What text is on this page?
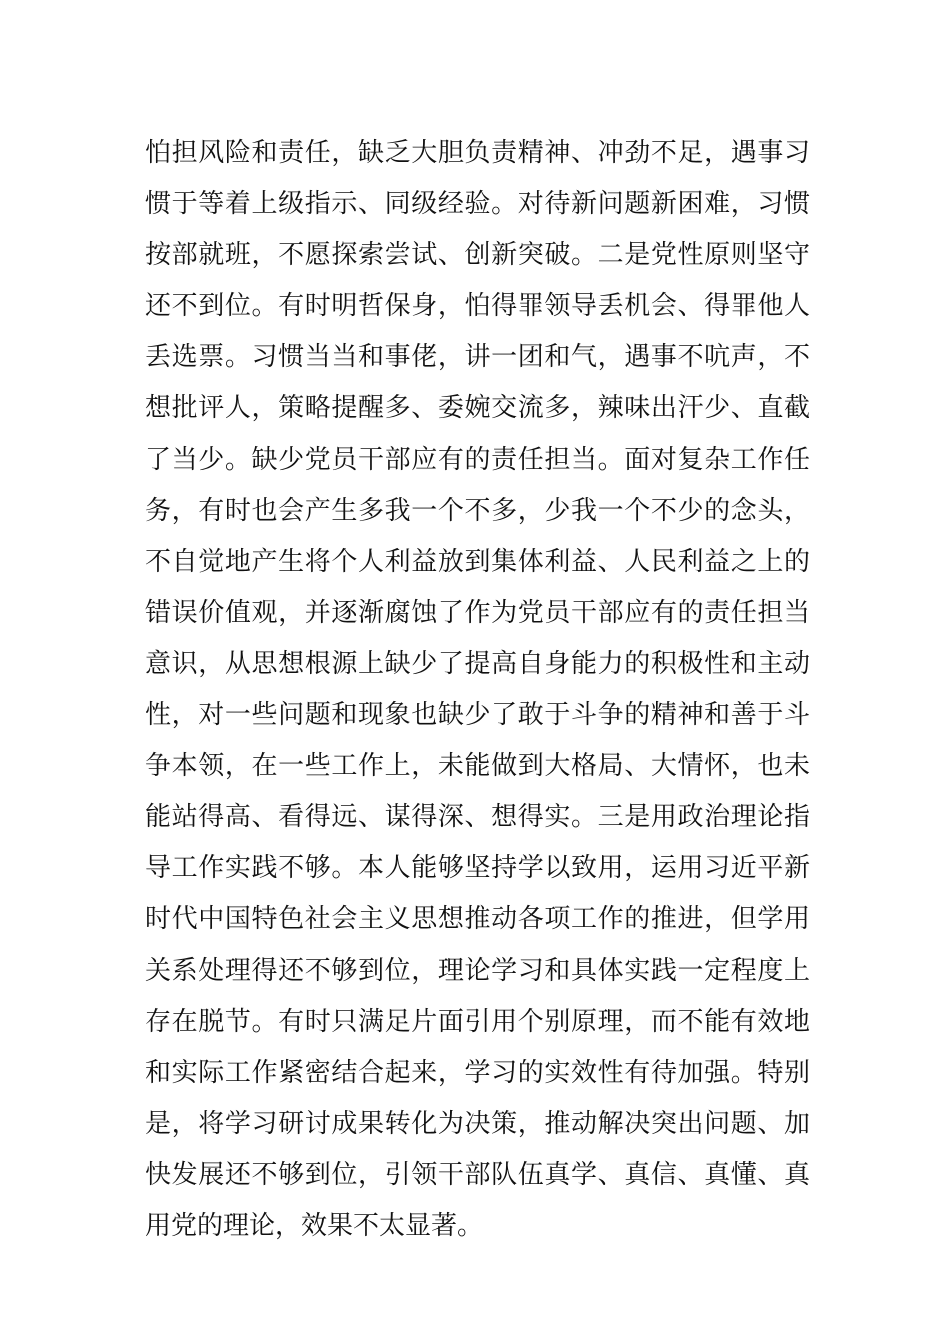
怕担风险和责任，缺乏大胆负责精神、冲劲不足，遇事习
惯于等着上级指示、同级经验。对待新问题新困难，习惯
按部就班，不愿探索尝试、创新突破。二是党性原则坚守
还不到位。有时明哲保身，怕得罪领导丢机会、得罪他人
丢选票。习惯当当和事佬，讲一团和气，遇事不吭声，不
想批评人，策略提醒多、委婉交流多，辣味出汗少、直截
了当少。缺少党员干部应有的责任担当。面对复杂工作任
务，有时也会产生多我一个不多，少我一个不少的念头，
不自觉地产生将个人利益放到集体利益、人民利益之上的
错误价值观，并逐渐腐蚀了作为党员干部应有的责任担当
意识，从思想根源上缺少了提高自身能力的积极性和主动
性，对一些问题和现象也缺少了敢于斗争的精神和善于斗
争本领，在一些工作上，未能做到大格局、大情怀，也未
能站得高、看得远、谋得深、想得实。三是用政治理论指
导工作实践不够。本人能够坚持学以致用，运用习近平新
时代中国特色社会主义思想推动各项工作的推进，但学用
关系处理得还不够到位，理论学习和具体实践一定程度上
存在脱节。有时只满足片面引用个别原理，而不能有效地
和实际工作紧密结合起来，学习的实效性有待加强。特别
是，将学习研讨成果转化为决策，推动解决突出问题、加
快发展还不够到位，引领干部队伍真学、真信、真懂、真
用党的理论，效果不太显著。
